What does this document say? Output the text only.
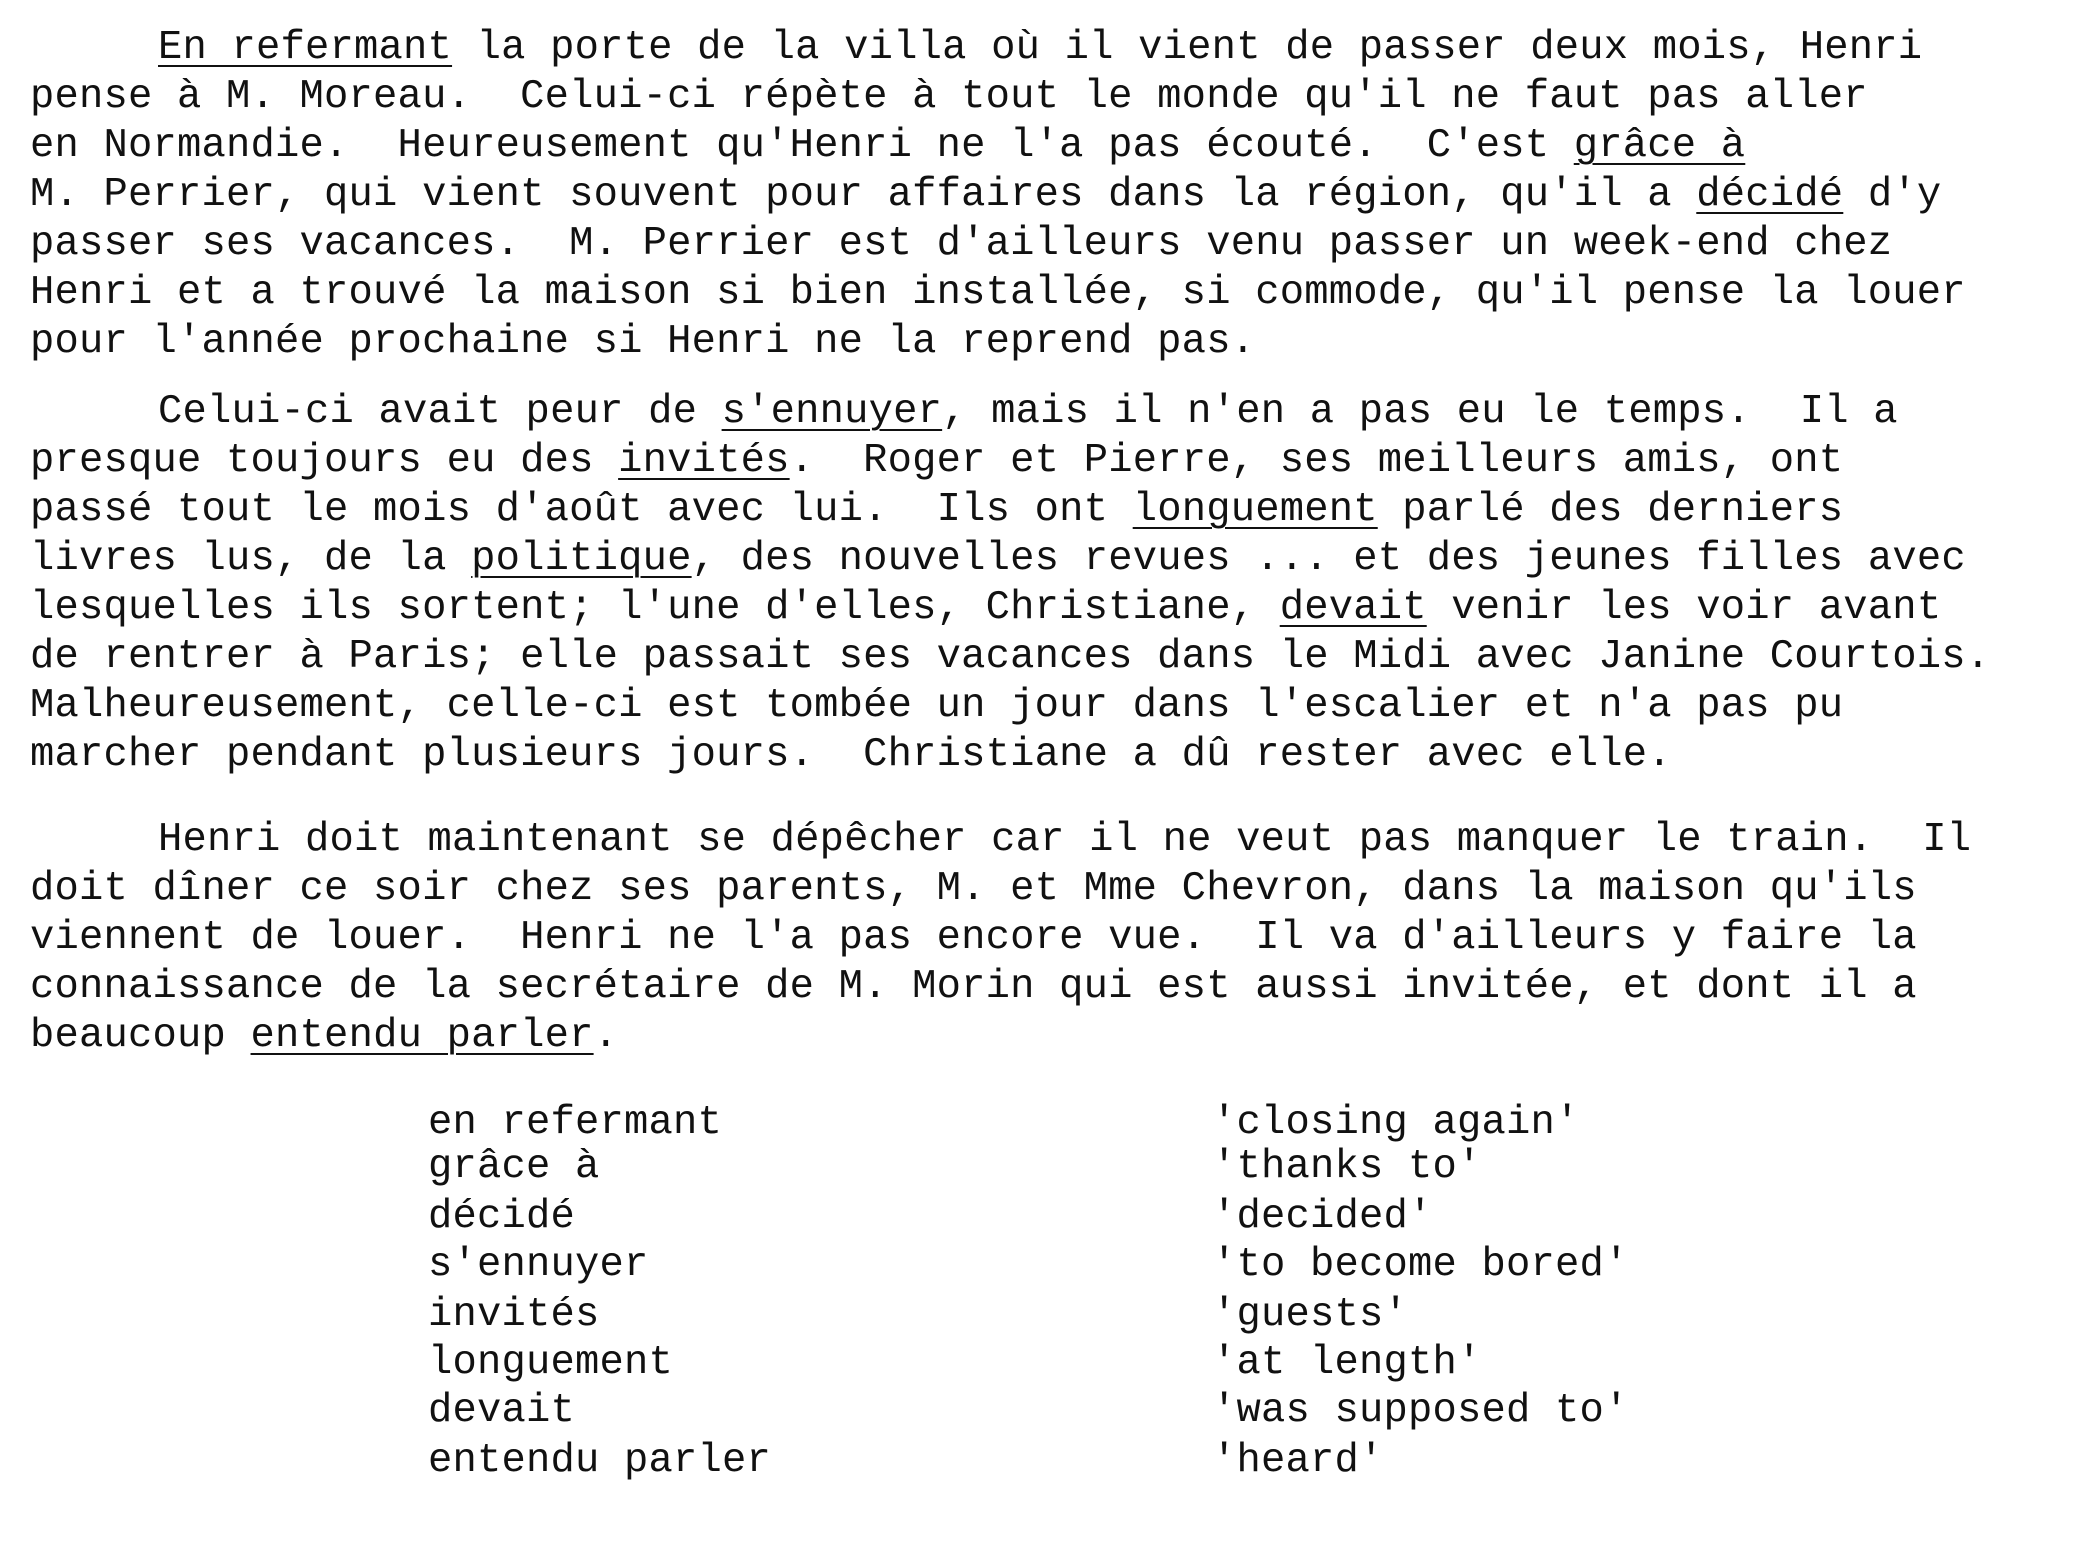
En refermant la porte de la villa où il vient de passer deux mois, Henri
pense à M. Moreau.  Celui-ci répète à tout le monde qu'il ne faut pas aller
en Normandie.  Heureusement qu'Henri ne l'a pas écouté.  C'est grâce à
M. Perrier, qui vient souvent pour affaires dans la région, qu'il a décidé d'y
passer ses vacances.  M. Perrier est d'ailleurs venu passer un week-end chez
Henri et a trouvé la maison si bien installée, si commode, qu'il pense la louer
pour l'année prochaine si Henri ne la reprend pas.
Celui-ci avait peur de s'ennuyer, mais il n'en a pas eu le temps.  Il a
presque toujours eu des invités.  Roger et Pierre, ses meilleurs amis, ont
passé tout le mois d'août avec lui.  Ils ont longuement parlé des derniers
livres lus, de la politique, des nouvelles revues ... et des jeunes filles avec
lesquelles ils sortent; l'une d'elles, Christiane, devait venir les voir avant
de rentrer à Paris; elle passait ses vacances dans le Midi avec Janine Courtois.
Malheureusement, celle-ci est tombée un jour dans l'escalier et n'a pas pu
marcher pendant plusieurs jours.  Christiane a dû rester avec elle.
Henri doit maintenant se dépêcher car il ne veut pas manquer le train.  Il
doit dîner ce soir chez ses parents, M. et Mme Chevron, dans la maison qu'ils
viennent de louer.  Henri ne l'a pas encore vue.  Il va d'ailleurs y faire la
connaissance de la secrétaire de M. Morin qui est aussi invitée, et dont il a
beaucoup entendu parler.
en refermant	'closing again'
grâce à	'thanks to'
décidé	'decided'
s'ennuyer	'to become bored'
invités	'guests'
longuement	'at length'
devait	'was supposed to'
entendu parler	'heard'
